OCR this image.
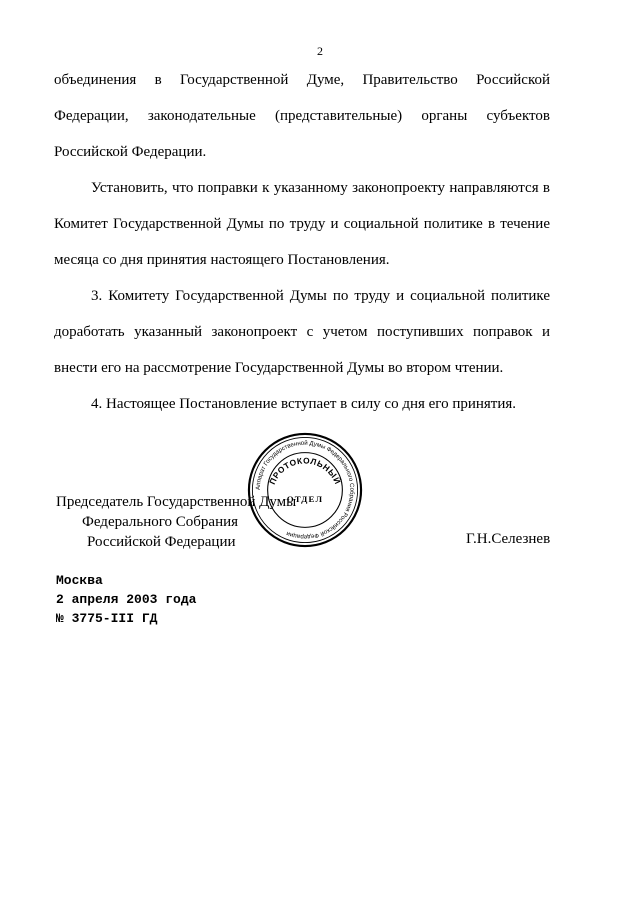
2

объединения в Государственной Думе, Правительство Российской Федерации, законодательные (представительные) органы субъектов Российской Федерации.

Установить, что поправки к указанному законопроекту направляются в Комитет Государственной Думы по труду и социальной политике в течение месяца со дня принятия настоящего Постановления.

3. Комитету Государственной Думы по труду и социальной политике доработать указанный законопроект с учетом поступивших поправок и внести его на рассмотрение Государственной Думы во втором чтении.

4. Настоящее Постановление вступает в силу со дня его принятия.

Аппарат Государственной Думы Федерального Собрания Российской Федерации
ПРОТОКОЛЬНЫЙ
ОТДЕЛ
Председатель Государственной Думы
Федерального Собрания
Российской Федерации	Г.Н.Селезнев
Москва
2 апреля 2003 года
№ 3775-III ГД
